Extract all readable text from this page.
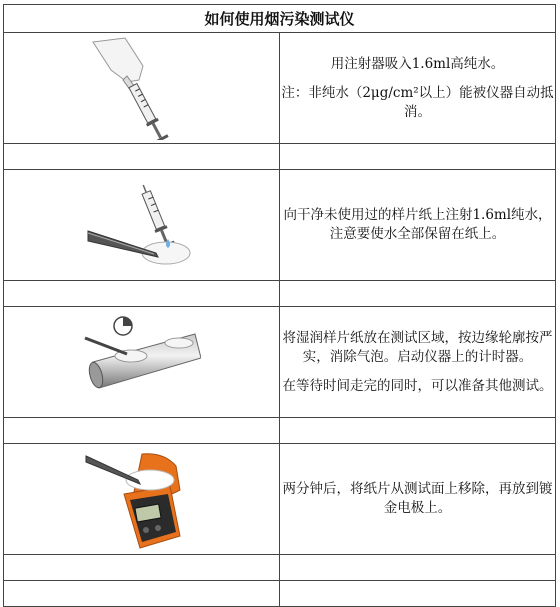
如何使用烟污染测试仪	

用注射器吸入1.6ml高纯水。

注：非纯水（2μg/cm²以上）能被仪器自动抵消。

向干净未使用过的样片纸上注射1.6ml纯水，注意要使水全部保留在纸上。

将湿润样片纸放在测试区域，按边缘轮廓按严实，消除气泡。启动仪器上的计时器。

在等待时间走完的同时，可以准备其他测试。

两分钟后，将纸片从测试面上移除，再放到镀金电极上。
